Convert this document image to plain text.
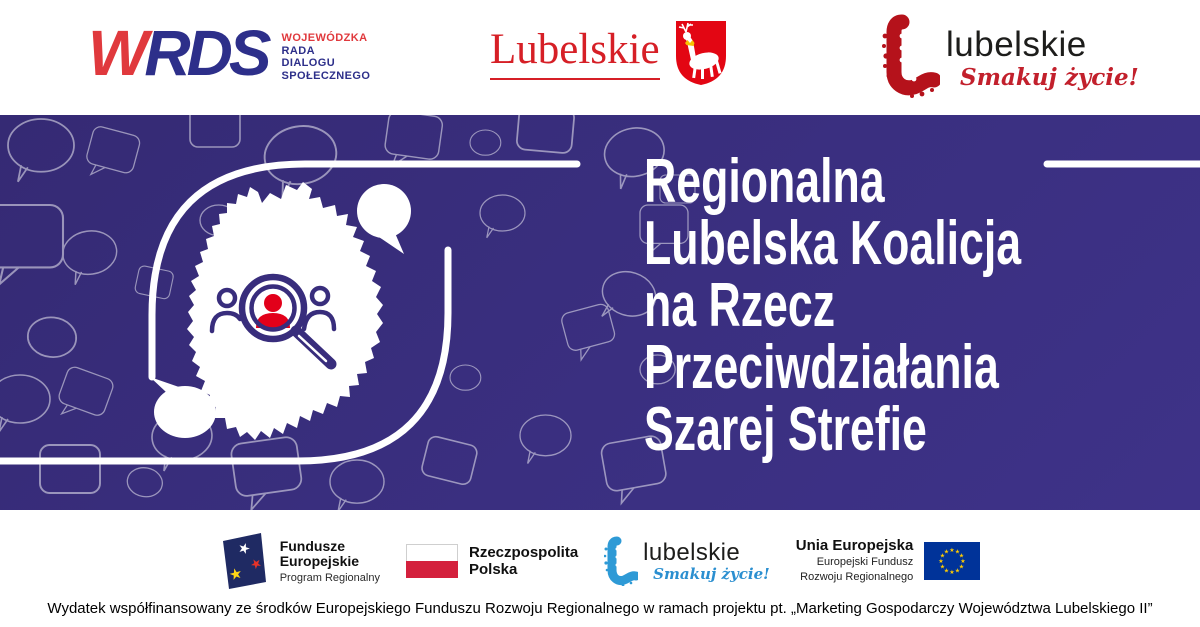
WRDS WOJEWÓDZKA
RADA
DIALOGU
SPOŁECZNEGO
Lubelskie	lubelskie
Smakuj życie!
Regionalna
Lubelska Koalicja
na Rzecz
Przeciwdziałania
Szarej Strefie
★
★
★
Fundusze
Europejskie
Program Regionalny
Rzeczpospolita
Polska
lubelskie
Smakuj życie!
Unia Europejska
Europejski Fundusz
Rozwoju Regionalnego
★ ★
★
★
★
★
★
★
★
★
★
★
Wydatek współfinansowany ze środków Europejskiego Funduszu Rozwoju Regionalnego w ramach projektu pt. „Marketing Gospodarczy Województwa Lubelskiego II”
